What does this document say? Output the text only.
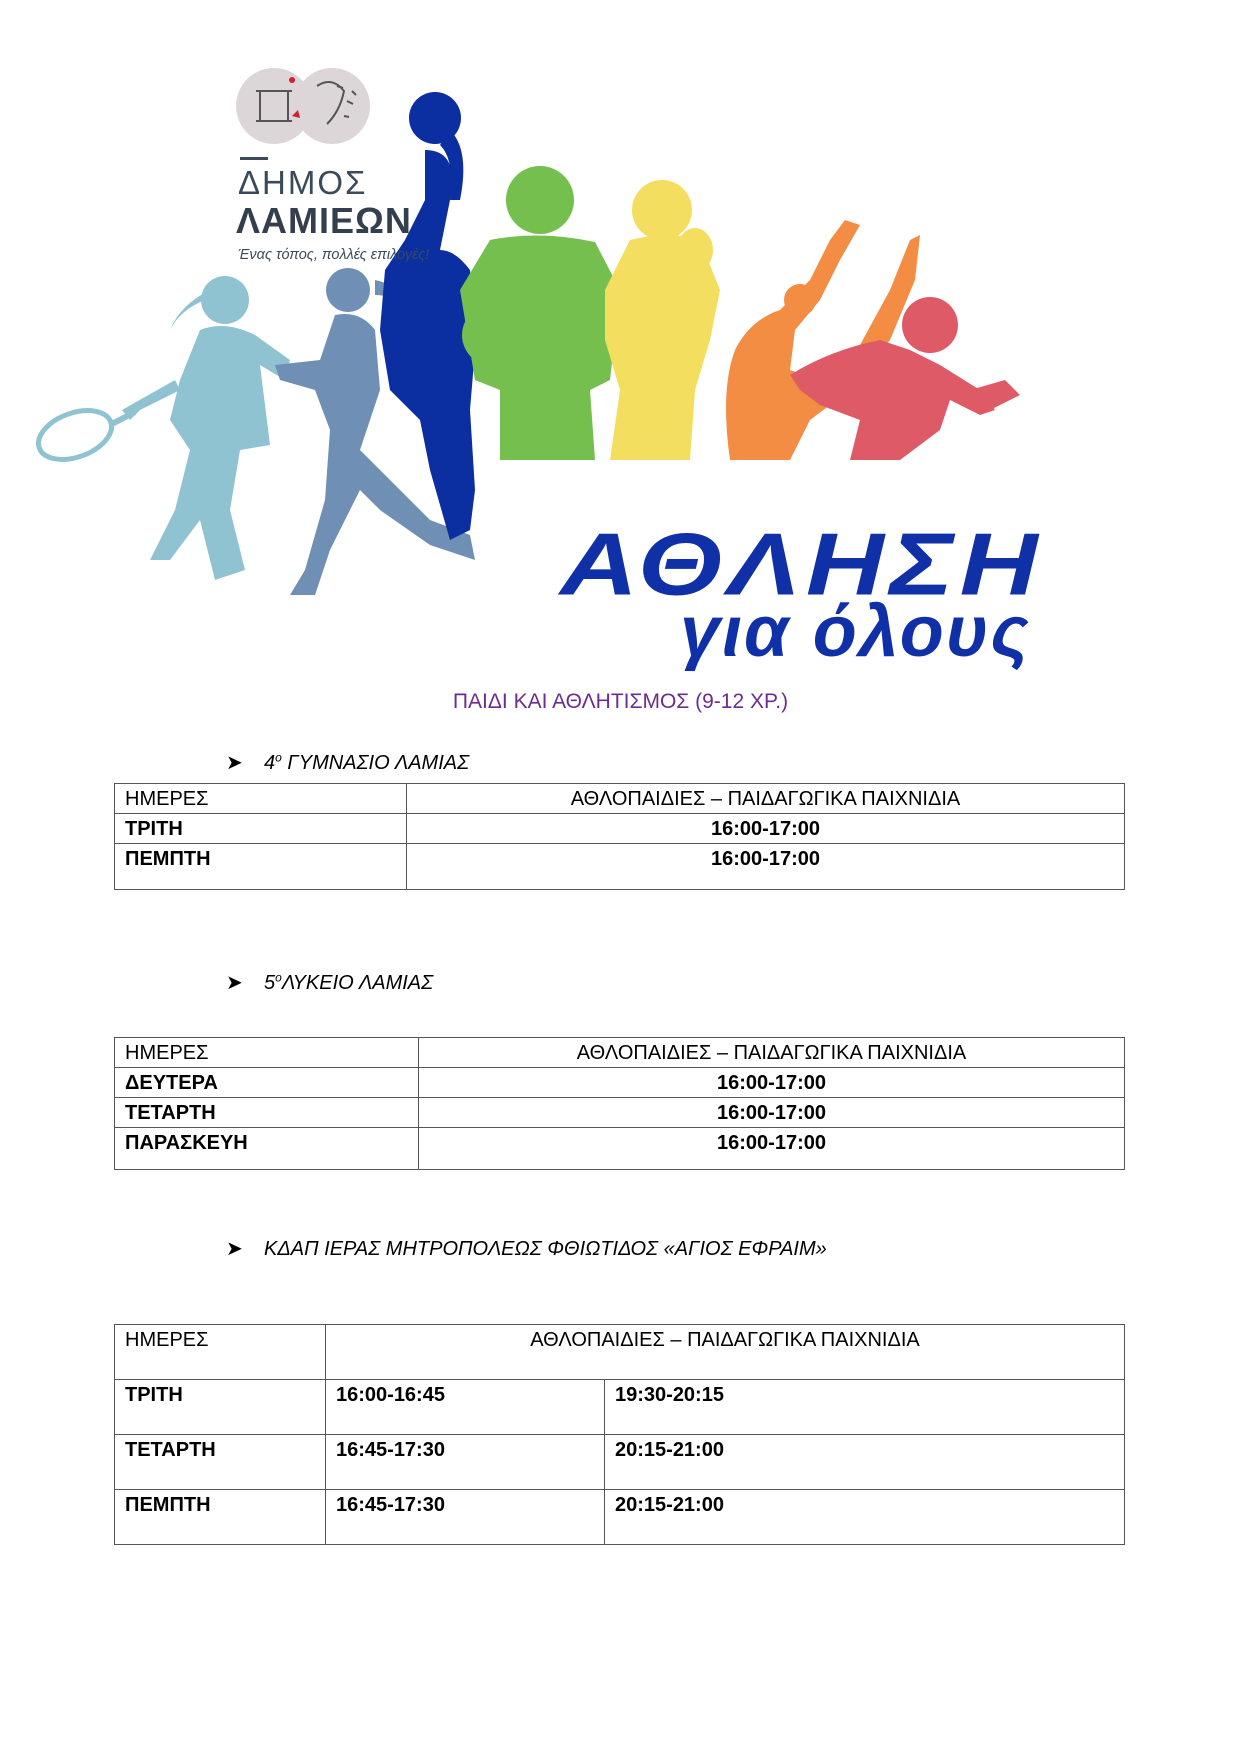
ΔΗΜΟΣ
ΛΑΜΙΕΩΝ
Ένας τόπος, πολλές επιλογές!
ΑΘΛΗΣΗ
για όλους
ΠΑΙΔΙ ΚΑΙ ΑΘΛΗΤΙΣΜΟΣ (9-12 ΧΡ.)
➤ $4^o$ ΓΥΜΝΑΣΙΟ ΛΑΜΙΑΣ
ΗΜΕΡΕΣ	ΑΘΛΟΠΑΙΔΙΕΣ – ΠΑΙΔΑΓΩΓΙΚΑ ΠΑΙΧΝΙΔΙΑ
ΤΡΙΤΗ	16:00-17:00
ΠΕΜΠΤΗ	16:00-17:00
➤ $5^o\Lambda\Upsilon KEIO$ ΛΑΜΙΑΣ
ΗΜΕΡΕΣ	ΑΘΛΟΠΑΙΔΙΕΣ – ΠΑΙΔΑΓΩΓΙΚΑ ΠΑΙΧΝΙΔΙΑ
ΔΕΥΤΕΡΑ	16:00-17:00
ΤΕΤΑΡΤΗ	16:00-17:00
ΠΑΡΑΣΚΕΥΗ	16:00-17:00
➤ ΚΔΑΠ ΙΕΡΑΣ ΜΗΤΡΟΠΟΛΕΩΣ ΦΘΙΩΤΙΔΟΣ «ΑΓΙΟΣ ΕΦΡΑΙΜ»
ΗΜΕΡΕΣ	ΑΘΛΟΠΑΙΔΙΕΣ – ΠΑΙΔΑΓΩΓΙΚΑ ΠΑΙΧΝΙΔΙΑ	
ΤΡΙΤΗ	16:00-16:45	19:30-20:15
ΤΕΤΑΡΤΗ	16:45-17:30	20:15-21:00
ΠΕΜΠΤΗ	16:45-17:30	20:15-21:00
